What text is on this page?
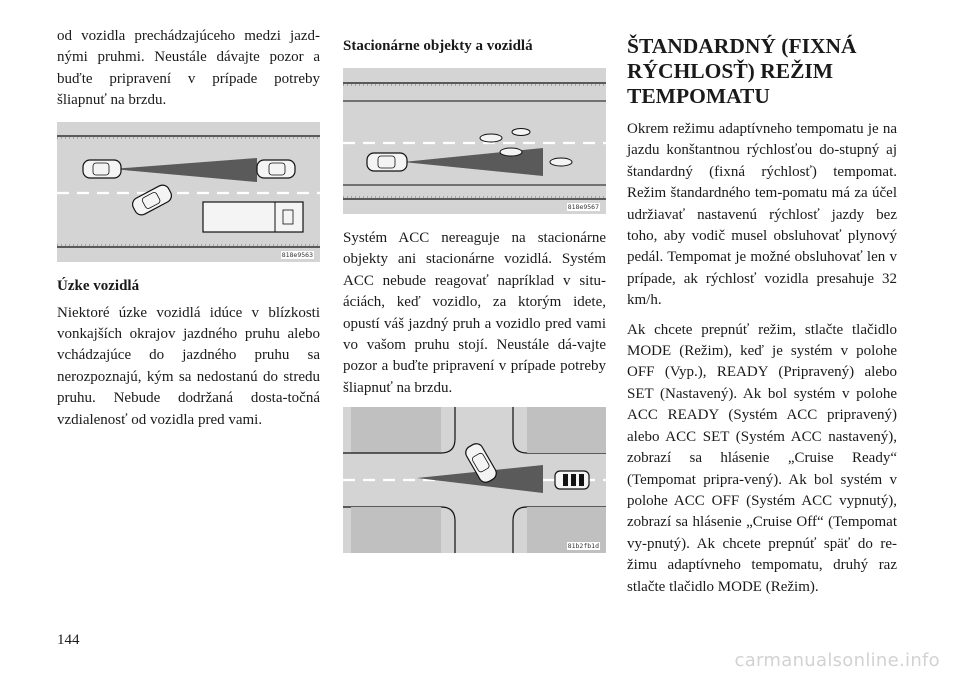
od vozidla prechádzajúceho medzi jazd-nými pruhmi. Neustále dávajte pozor a buďte pripravení v prípade potreby šliapnuť na brzdu.

818e9563
Úzke vozidlá

Niektoré úzke vozidlá idúce v blízkosti vonkajších okrajov jazdného pruhu alebo vchádzajúce do jazdného pruhu sa nerozpoznajú, kým sa nedostanú do stredu pruhu. Nebude dodržaná dosta-točná vzdialenosť od vozidla pred vami.

Stacionárne objekty a vozidlá
818e9567

Systém ACC nereaguje na stacionárne objekty ani stacionárne vozidlá. Systém ACC nebude reagovať napríklad v situ-áciách, keď vozidlo, za ktorým idete, opustí váš jazdný pruh a vozidlo pred vami vo vašom pruhu stojí. Neustále dá-vajte pozor a buďte pripravení v prípade potreby šliapnuť na brzdu.

81b2fb1d
ŠTANDARDNÝ (FIXNÁ RÝCHLOSŤ) REŽIM TEMPOMATU

Okrem režimu adaptívneho tempomatu je na jazdu konštantnou rýchlosťou do-stupný aj štandardný (fixná rýchlosť) tempomat. Režim štandardného tem-pomatu má za účel udržiavať nastavenú rýchlosť jazdy bez toho, aby vodič musel obsluhovať plynový pedál. Tempomat je možné obsluhovať len v prípade, ak rýchlosť vozidla presahuje 32 km/h.

Ak chcete prepnúť režim, stlačte tlačidlo MODE (Režim), keď je systém v polohe OFF (Vyp.), READY (Pripravený) alebo SET (Nastavený). Ak bol systém v polohe ACC READY (Systém ACC pripravený) alebo ACC SET (Systém ACC nastavený), zobrazí sa hlásenie „Cruise Ready“ (Tempomat pripra-vený). Ak bol systém v polohe ACC OFF (Systém ACC vypnutý), zobrazí sa hlásenie „Cruise Off“ (Tempomat vy-pnutý). Ak chcete prepnúť späť do re-žimu adaptívneho tempomatu, druhý raz stlačte tlačidlo MODE (Režim).

144
carmanualsonline.info
